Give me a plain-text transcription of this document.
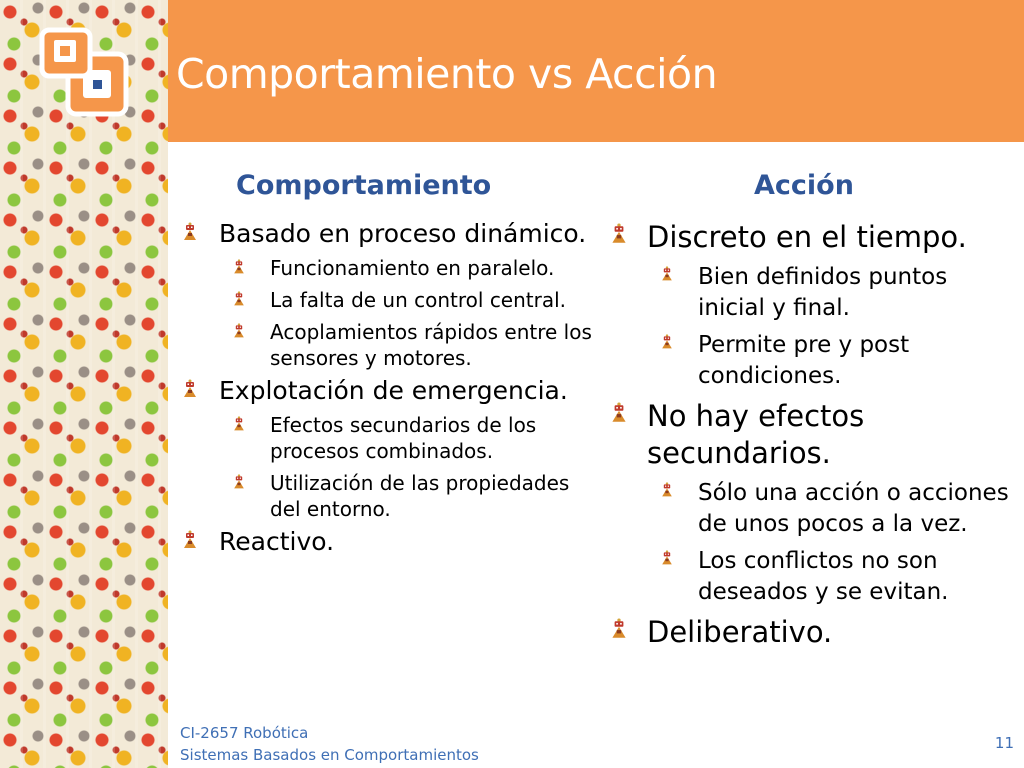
Comportamiento vs Acción
Comportamiento	Acción
Basado en proceso dinámico.
Funcionamiento en paralelo.
La falta de un control central.
Acoplamientos rápidos entre los sensores y motores.
Explotación de emergencia.
Efectos secundarios de los procesos combinados.
Utilización de las propiedades del entorno.
Reactivo.
Discreto en el tiempo.
Bien definidos puntos inicial y final.
Permite pre y post condiciones.
No hay efectos secundarios.
Sólo una acción o acciones de unos pocos a la vez.
Los conflictos no son deseados y se evitan.
Deliberativo.
CI-2657 Robótica
Sistemas Basados en Comportamientos
11
